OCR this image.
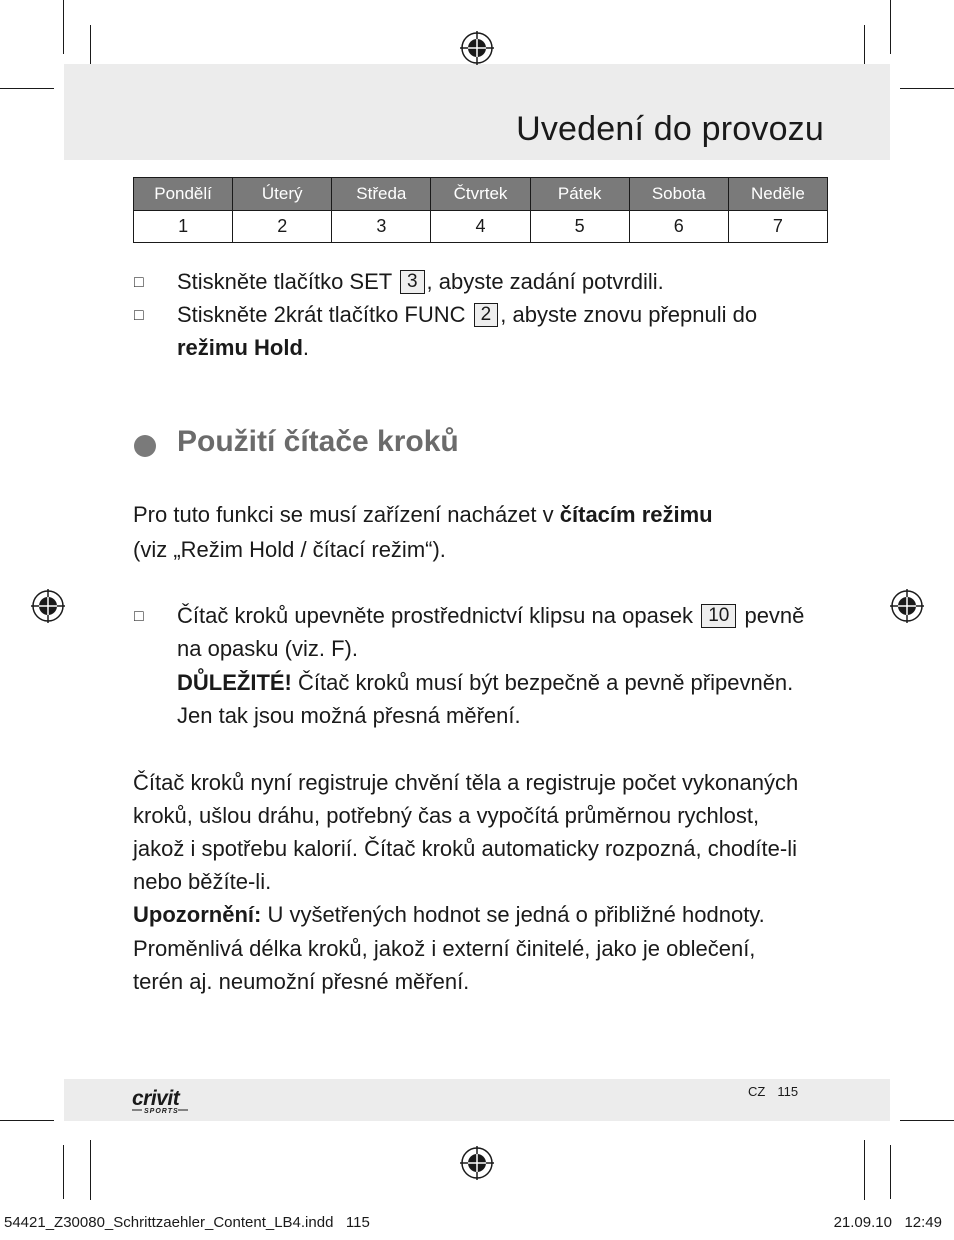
Uvedení do provozu
Pondělí	Úterý	Středa	Čtvrtek	Pátek	Sobota	Neděle
1	2	3	4	5	6	7
□ Stiskněte tlačítko SET 3 , abyste zadání potvrdili.
□ Stiskněte 2krát tlačítko FUNC 2 , abyste znovu přepnuli do
režimu Hold.
Použití čítače kroků
Pro tuto funkci se musí zařízení nacházet v čítacím režimu
(viz „Režim Hold / čítací režim“).
□ Čítač kroků upevněte prostřednictví klipsu na opasek 10 pevně
na opasku (viz. F).
DŮLEŽITÉ! Čítač kroků musí být bezpečně a pevně připevněn.
Jen tak jsou možná přesná měření.
Čítač kroků nyní registruje chvění těla a registruje počet vykonaných
kroků, ušlou dráhu, potřebný čas a vypočítá průměrnou rychlost,
jakož i spotřebu kalorií. Čítač kroků automaticky rozpozná, chodíte-li
nebo běžíte-li.
Upozornění: U vyšetřených hodnot se jedná o přibližné hodnoty.
Proměnlivá délka kroků, jakož i externí činitelé, jako je oblečení,
terén aj. neumožní přesné měření.
crivit
SPORTS
CZ 115
54421_Z30080_Schrittzaehler_Content_LB4.indd   115	21.09.10   12:49
